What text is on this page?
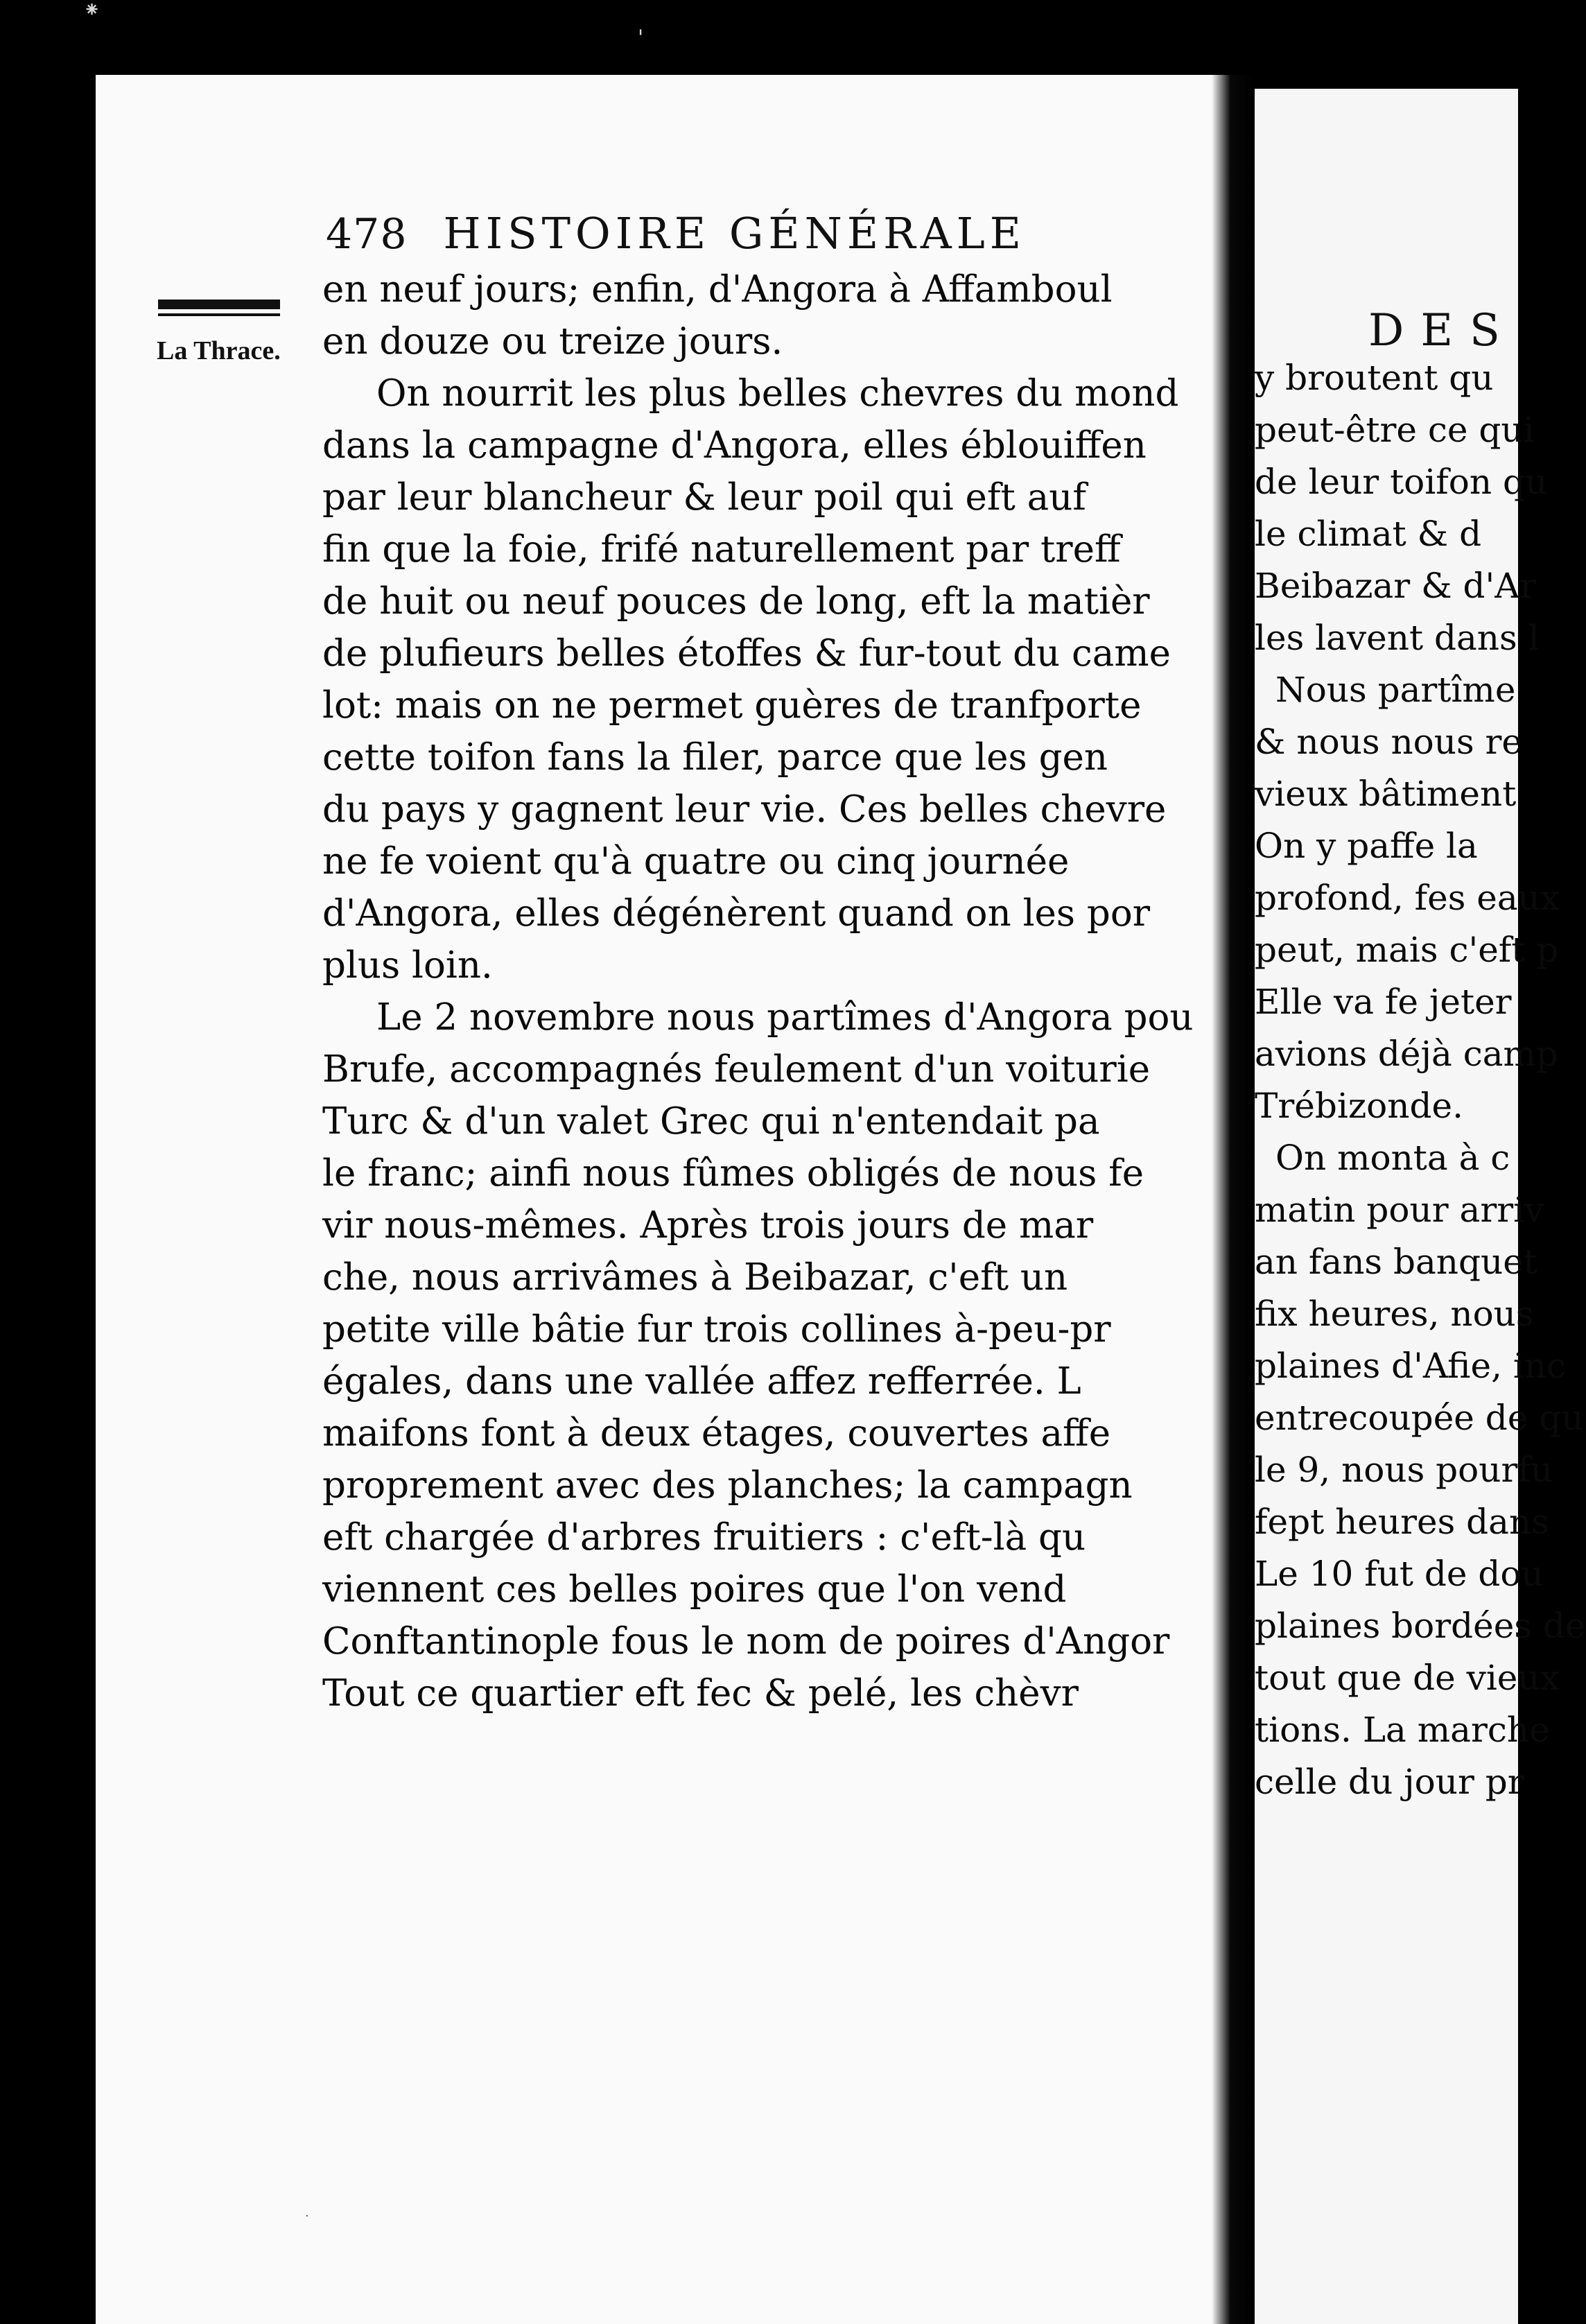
⁕
'
DES
y broutent qu
peut-être ce qui
de leur toifon qu
le climat & d
Beibazar & d'Ar
les lavent dans l
Nous partîme
& nous nous re
vieux bâtiment
On y paffe la
profond, fes eaux
peut, mais c'eft p
Elle va fe jeter
avions déjà camp
Trébizonde.
On monta à c
matin pour arriv
an fans banquet
fix heures, nous
plaines d'Afie, inc
entrecoupée de qu
le 9, nous pourfu
fept heures dans
Le 10 fut de dou
plaines bordées de
tout que de vieux
tions. La marche
celle du jour pr
478 HISTOIRE GÉNÉRALE
La Thrace.
en neuf jours; enfin, d'Angora à Affamboul
en douze ou treize jours.
On nourrit les plus belles chevres du mond
dans la campagne d'Angora, elles éblouiffen
par leur blancheur & leur poil qui eft auf
fin que la foie, frifé naturellement par treff
de huit ou neuf pouces de long, eft la matièr
de plufieurs belles étoffes & fur-tout du came
lot: mais on ne permet guères de tranfporte
cette toifon fans la filer, parce que les gen
du pays y gagnent leur vie. Ces belles chevre
ne fe voient qu'à quatre ou cinq journée
d'Angora, elles dégénèrent quand on les por
plus loin.
Le 2 novembre nous partîmes d'Angora pou
Brufe, accompagnés feulement d'un voiturie
Turc & d'un valet Grec qui n'entendait pa
le franc; ainfi nous fûmes obligés de nous fe
vir nous-mêmes. Après trois jours de mar
che, nous arrivâmes à Beibazar, c'eft un
petite ville bâtie fur trois collines à-peu-pr
égales, dans une vallée affez refferrée. L
maifons font à deux étages, couvertes affe
proprement avec des planches; la campagn
eft chargée d'arbres fruitiers : c'eft-là qu
viennent ces belles poires que l'on vend
Conftantinople fous le nom de poires d'Angor
Tout ce quartier eft fec & pelé, les chèvr
·
